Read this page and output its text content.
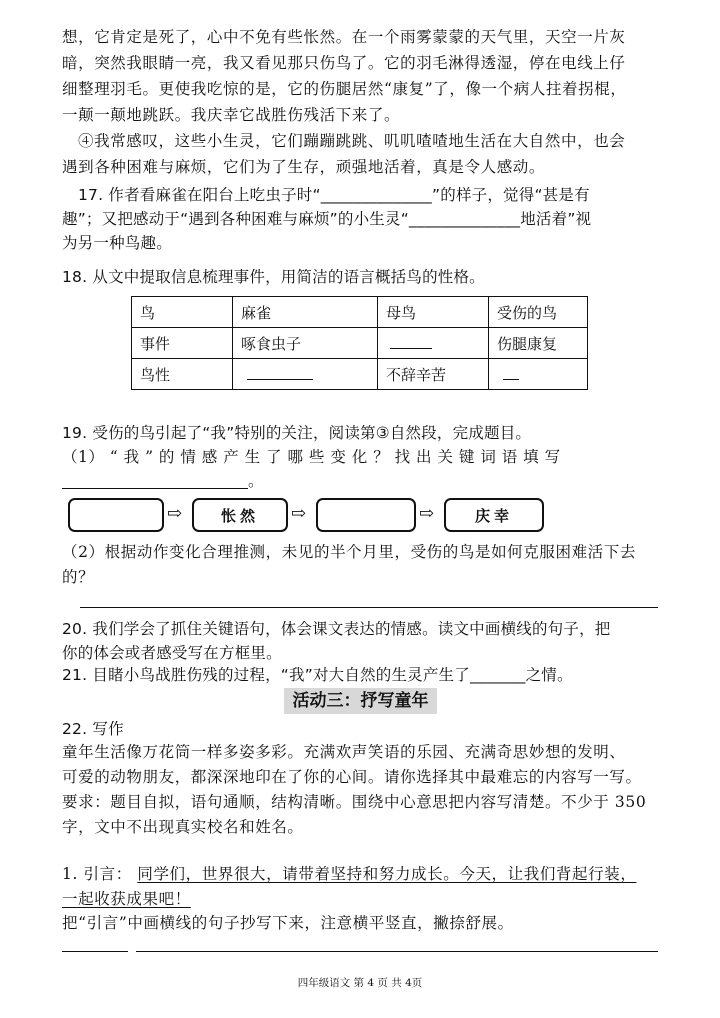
想，它肯定是死了，心中不免有些怅然。在一个雨雾蒙蒙的天气里，天空一片灰
暗，突然我眼睛一亮，我又看见那只伤鸟了。它的羽毛淋得透湿，停在电线上仔
细整理羽毛。更使我吃惊的是，它的伤腿居然“康复”了，像一个病人拄着拐棍，
一颠一颠地跳跃。我庆幸它战胜伤残活下来了。
④我常感叹，这些小生灵，它们蹦蹦跳跳、叽叽喳喳地生活在大自然中，也会
遇到各种困难与麻烦，它们为了生存，顽强地活着，真是令人感动。
17. 作者看麻雀在阳台上吃虫子时“______________”的样子，觉得“甚是有
趣”；又把感动于“遇到各种困难与麻烦”的小生灵“______________地活着”视
为另一种鸟趣。
18. 从文中提取信息梳理事件，用简洁的语言概括鸟的性格。
鸟	麻雀	母鸟	受伤的鸟
事件	啄食虫子		伤腿康复
鸟性		不辞辛苦	
19. 受伤的鸟引起了“我”特别的关注，阅读第③自然段，完成题目。
（1） “ 我 ” 的 情 感 产 生 了 哪 些 变 化 ？ 找 出 关 键 词 语 填 写
。
⇨	怅然	⇨	⇨	庆幸
（2）根据动作变化合理推测，未见的半个月里，受伤的鸟是如何克服困难活下去
的？
20. 我们学会了抓住关键语句，体会课文表达的情感。读文中画横线的句子，把
你的体会或者感受写在方框里。
21. 目睹小鸟战胜伤残的过程，“我”对大自然的生灵产生了_______之情。
活动三：抒写童年
22. 写作
童年生活像万花筒一样多姿多彩。充满欢声笑语的乐园、充满奇思妙想的发明、
可爱的动物朋友，都深深地印在了你的心间。请你选择其中最难忘的内容写一写。
要求：题目自拟，语句通顺，结构清晰。围绕中心意思把内容写清楚。不少于 350
字，文中不出现真实校名和姓名。
1. 引言： 同学们，世界很大，请带着坚持和努力成长。今天，让我们背起行装，
一起收获成果吧！
把“引言”中画横线的句子抄写下来，注意横平竖直，撇捺舒展。
四年级语文 第 4 页 共 4页
